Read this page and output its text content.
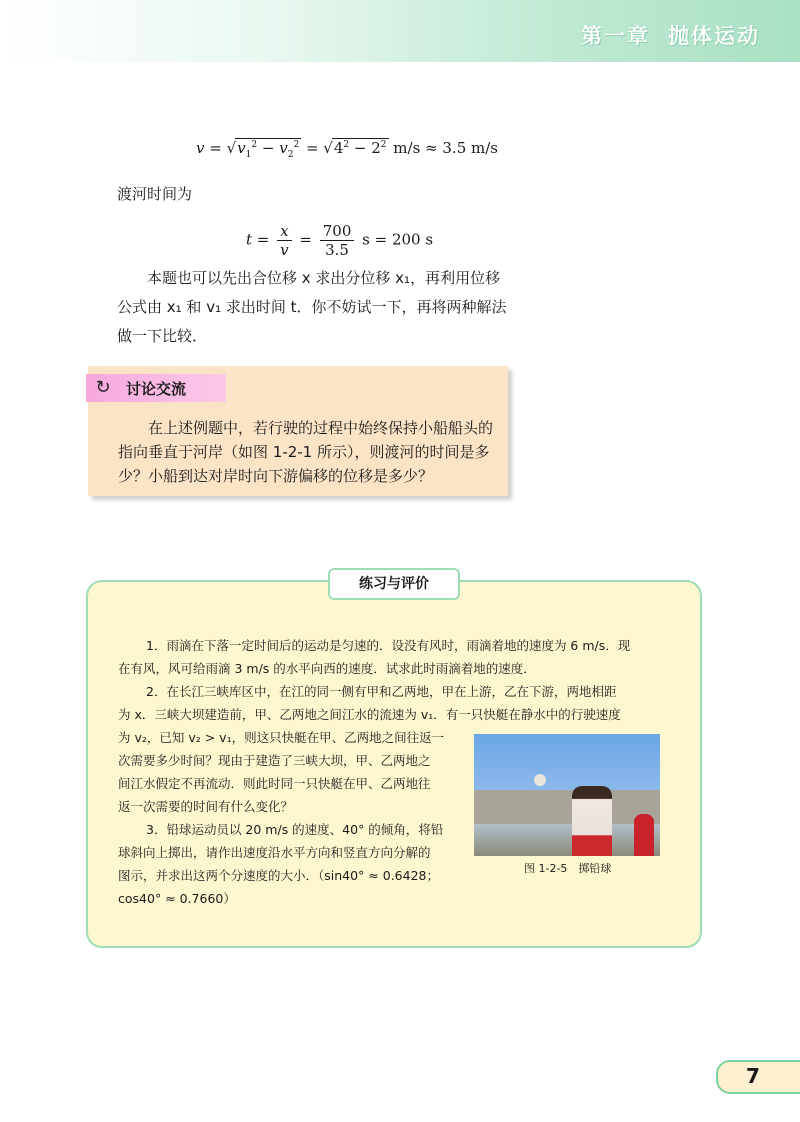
第一章 抛体运动
$v = √v_1^2 - v_2^2 = √4^2 - 2^2$ m/s ≈ 3.5 m/s
渡河时间为
$t = \frac{x}{v} = \frac{700}{3.5}$ s = 200 s
本题也可以先出合位移 x 求出分位移 x₁，再利用位移
公式由 x₁ 和 v₁ 求出时间 t．你不妨试一下，再将两种解法
做一下比较．
↻ 讨论交流
在上述例题中，若行驶的过程中始终保持小船船头的指向垂直于河岸（如图 1-2-1 所示），则渡河的时间是多少？小船到达对岸时向下游偏移的位移是多少？
练习与评价
1．雨滴在下落一定时间后的运动是匀速的．设没有风时，雨滴着地的速度为 6 m/s．现
在有风，风可给雨滴 3 m/s 的水平向西的速度．试求此时雨滴着地的速度．
2．在长江三峡库区中，在江的同一侧有甲和乙两地，甲在上游，乙在下游，两地相距
为 x．三峡大坝建造前，甲、乙两地之间江水的流速为 v₁．有一只快艇在静水中的行驶速度
为 v₂，已知 v₂ > v₁，则这只快艇在甲、乙两地之间往返一
次需要多少时间？现由于建造了三峡大坝，甲、乙两地之
间江水假定不再流动．则此时同一只快艇在甲、乙两地往
返一次需要的时间有什么变化？
3．铅球运动员以 20 m/s 的速度、40° 的倾角，将铅
球斜向上掷出，请作出速度沿水平方向和竖直方向分解的
图示，并求出这两个分速度的大小．（sin40° ≈ 0.6428；
cos40° ≈ 0.7660）
图 1-2-5　掷铅球
7
